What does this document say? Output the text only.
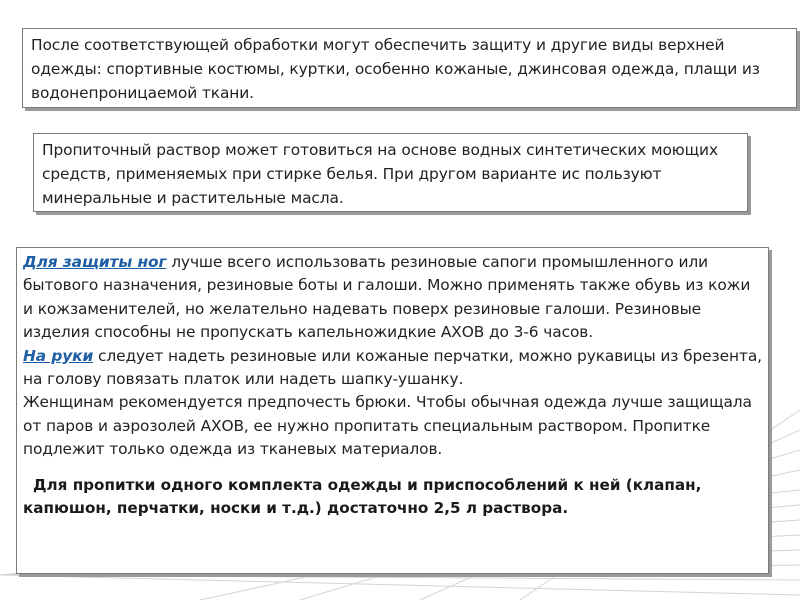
После соответствующей обработки могут обеспечить защиту и другие виды верхней одежды: спортивные костюмы, куртки, особенно кожаные, джинсовая одежда, плащи из водонепроницаемой ткани.
Пропиточный раствор может готовиться на основе водных синтетических моющих средств, применяемых при стирке белья. При другом варианте ис пользуют минеральные и растительные масла.

Для защиты ног лучше всего использовать резиновые сапоги промышленного или бытового назначения, резиновые боты и галоши. Можно применять также обувь из кожи и кожзаменителей, но желательно надевать поверх резиновые галоши. Резиновые изделия способны не пропускать капельножидкие АХОВ до 3-6 часов.

На руки следует надеть резиновые или кожаные перчатки, можно рукавицы из брезента, на голову повязать платок или надеть шапку-ушанку.

Женщинам рекомендуется предпочесть брюки. Чтобы обычная одежда лучше защищала от паров и аэрозолей АХОВ, ее нужно пропитать специальным раствором. Пропитке подлежит только одежда из тканевых материалов.

Для пропитки одного комплекта одежды и приспособлений к ней (клапан, капюшон, перчатки, носки и т.д.) достаточно 2,5 л раствора.
